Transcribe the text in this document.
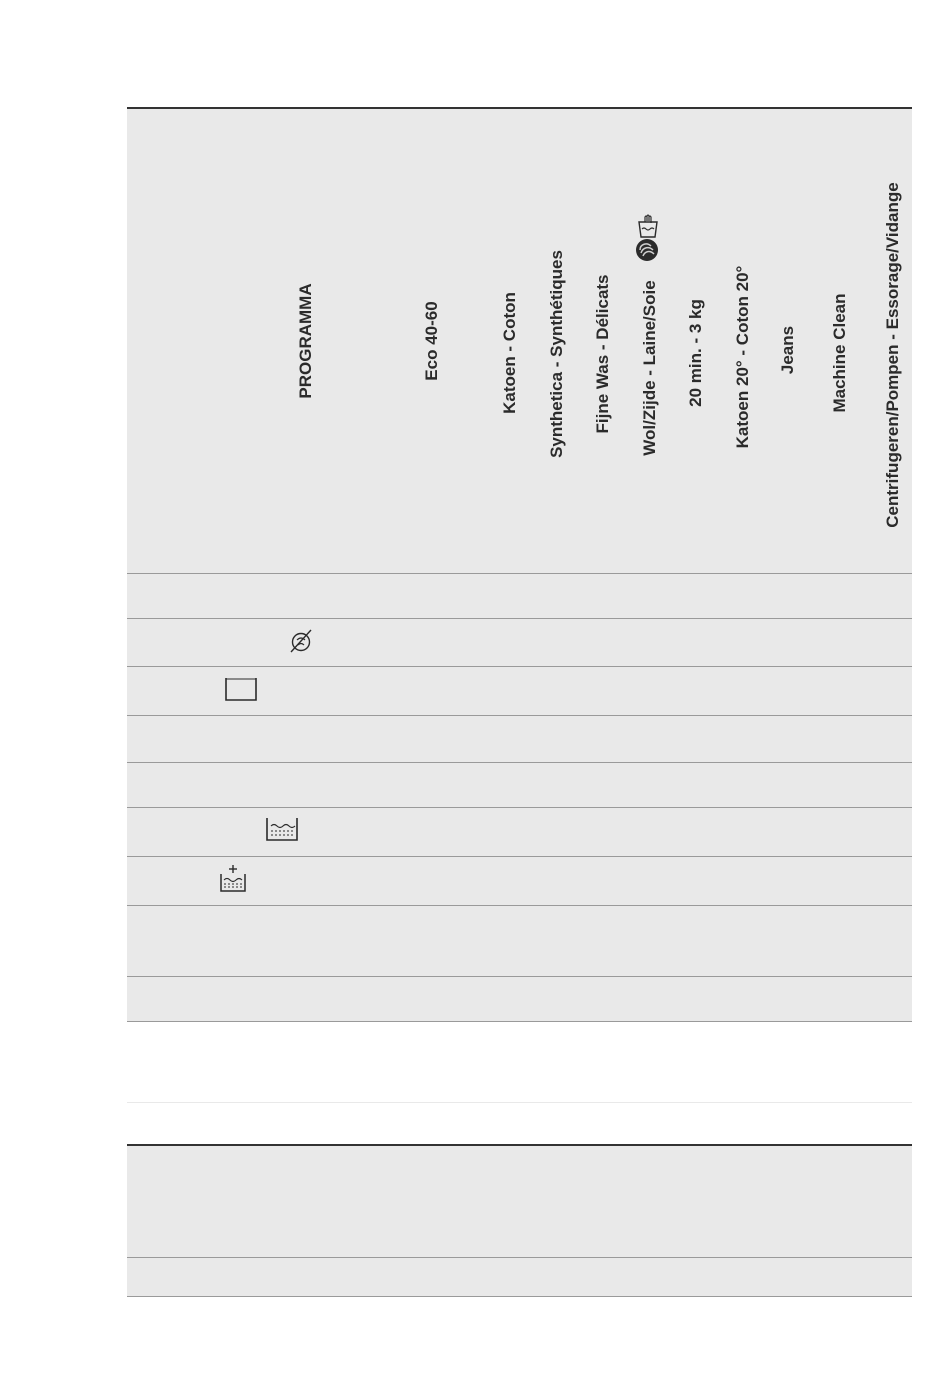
PROGRAMMA	Eco 40-60	Katoen - Coton Synthetica - Synthétiques Fijne Was - Délicats Wol/Zijde - Laine/Soie 20 min. - 3 kg Katoen 20° - Coton 20° Jeans Machine Clean Centrifugeren/Pompen - Essorage/Vidange
